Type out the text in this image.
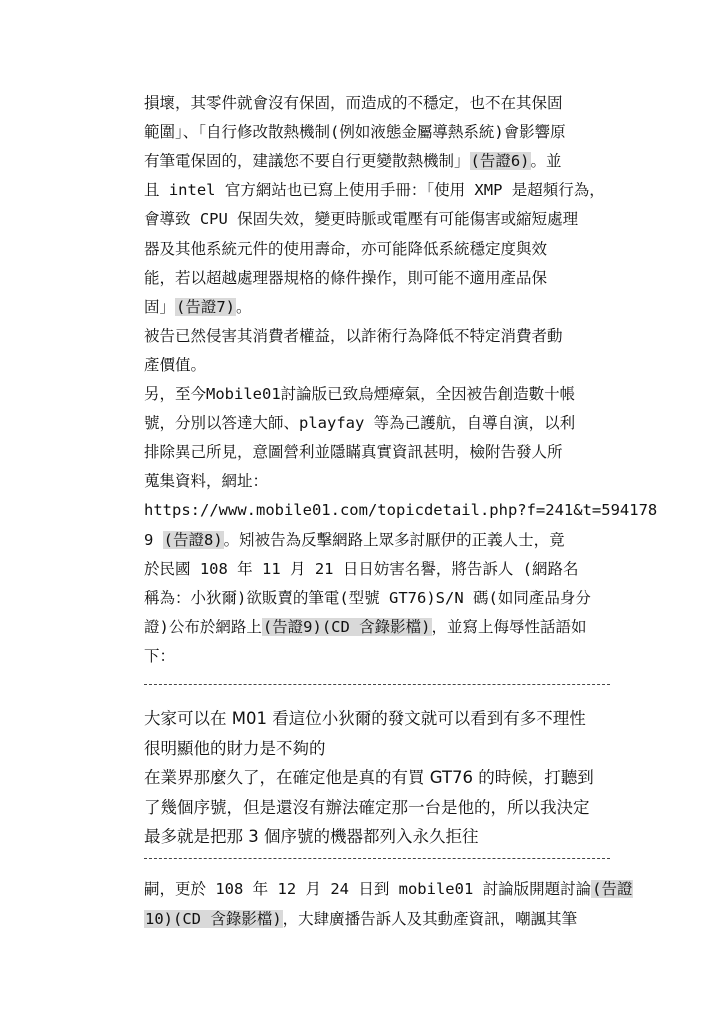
損壞，其零件就會沒有保固，而造成的不穩定，也不在其保固
範圍」、「自行修改散熱機制(例如液態金屬導熱系統)會影響原
有筆電保固的，建議您不要自行更變散熱機制」(告證6)。並
且 intel 官方網站也已寫上使用手冊：「使用 XMP 是超頻行為，
會導致 CPU 保固失效，變更時脈或電壓有可能傷害或縮短處理
器及其他系統元件的使用壽命，亦可能降低系統穩定度與效
能，若以超越處理器規格的條件操作，則可能不適用產品保
固」(告證7)。
被告已然侵害其消費者權益，以詐術行為降低不特定消費者動
產價值。
另，至今Mobile01討論版已致烏煙瘴氣，全因被告創造數十帳
號，分別以答達大師、playfay 等為己護航，自導自演，以利
排除異己所見，意圖營利並隱瞞真實資訊甚明，檢附告發人所
蒐集資料，網址：
https://www.mobile01.com/topicdetail.php?f=241&t=594178
9 (告證8)。矧被告為反擊網路上眾多討厭伊的正義人士，竟
於民國 108 年 11 月 21 日日妨害名譽，將告訴人 (網路名
稱為：小狄爾)欲販賣的筆電(型號 GT76)S/N 碼(如同產品身分
證)公布於網路上(告證9)(CD 含錄影檔)，並寫上侮辱性話語如
下：
大家可以在 M01 看這位小狄爾的發文就可以看到有多不理性
很明顯他的財力是不夠的
在業界那麼久了，在確定他是真的有買 GT76 的時候，打聽到
了幾個序號，但是還沒有辦法確定那一台是他的，所以我決定
最多就是把那 3 個序號的機器都列入永久拒往
嗣，更於 108 年 12 月 24 日到 mobile01 討論版開題討論(告證
10)(CD 含錄影檔)，大肆廣播告訴人及其動產資訊，嘲諷其筆
